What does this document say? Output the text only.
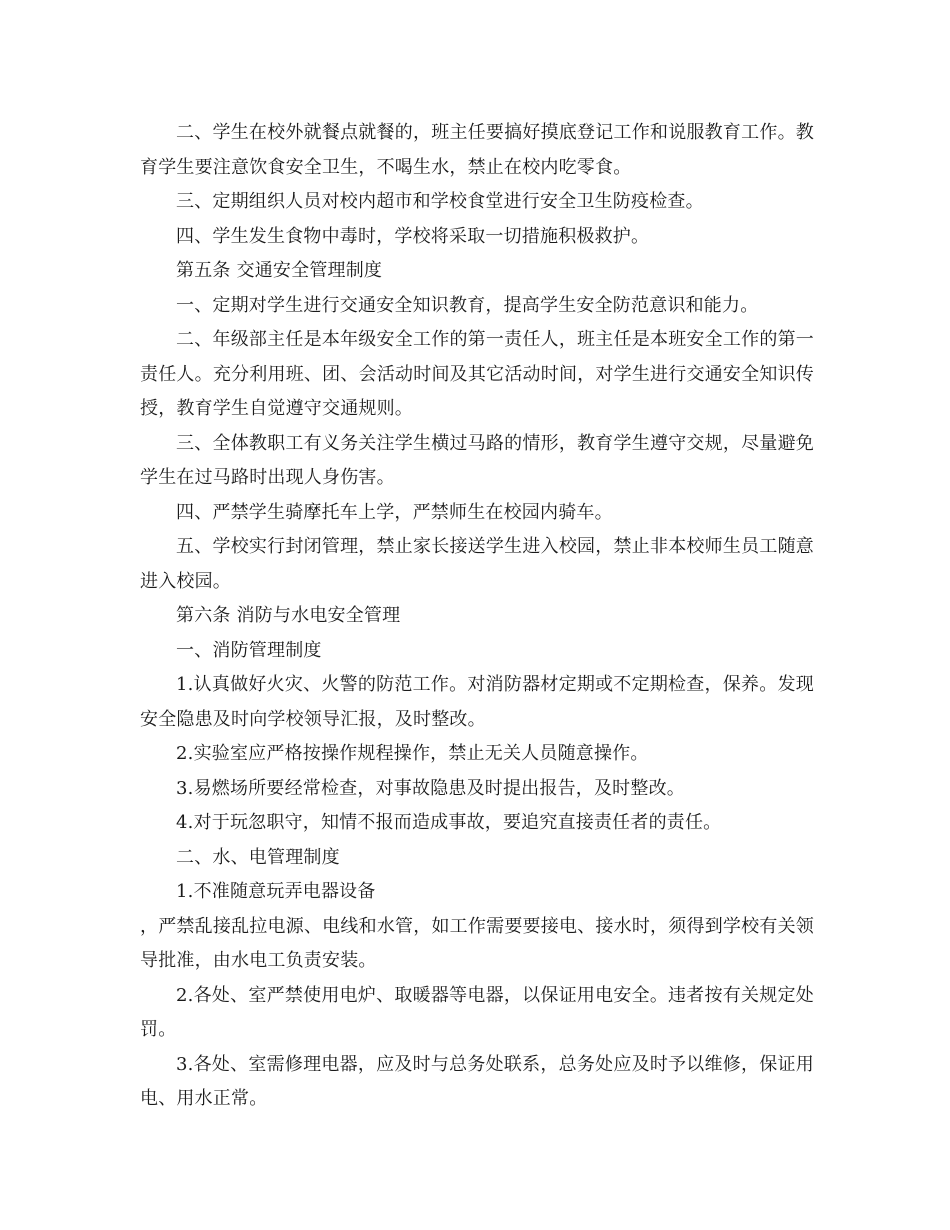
二、学生在校外就餐点就餐的，班主任要搞好摸底登记工作和说服教育工作。教育学生要注意饮食安全卫生，不喝生水，禁止在校内吃零食。

三、定期组织人员对校内超市和学校食堂进行安全卫生防疫检查。

四、学生发生食物中毒时，学校将采取一切措施积极救护。

第五条 交通安全管理制度

一、定期对学生进行交通安全知识教育，提高学生安全防范意识和能力。

二、年级部主任是本年级安全工作的第一责任人，班主任是本班安全工作的第一责任人。充分利用班、团、会活动时间及其它活动时间，对学生进行交通安全知识传授，教育学生自觉遵守交通规则。

三、全体教职工有义务关注学生横过马路的情形，教育学生遵守交规，尽量避免学生在过马路时出现人身伤害。

四、严禁学生骑摩托车上学，严禁师生在校园内骑车。

五、学校实行封闭管理，禁止家长接送学生进入校园，禁止非本校师生员工随意进入校园。

第六条 消防与水电安全管理

一、消防管理制度

1.认真做好火灾、火警的防范工作。对消防器材定期或不定期检查，保养。发现安全隐患及时向学校领导汇报，及时整改。

2.实验室应严格按操作规程操作，禁止无关人员随意操作。

3.易燃场所要经常检查，对事故隐患及时提出报告，及时整改。

4.对于玩忽职守，知情不报而造成事故，要追究直接责任者的责任。

二、水、电管理制度

1.不准随意玩弄电器设备

，严禁乱接乱拉电源、电线和水管，如工作需要要接电、接水时，须得到学校有关领导批准，由水电工负责安装。

2.各处、室严禁使用电炉、取暖器等电器，以保证用电安全。违者按有关规定处罚。

3.各处、室需修理电器，应及时与总务处联系，总务处应及时予以维修，保证用电、用水正常。
